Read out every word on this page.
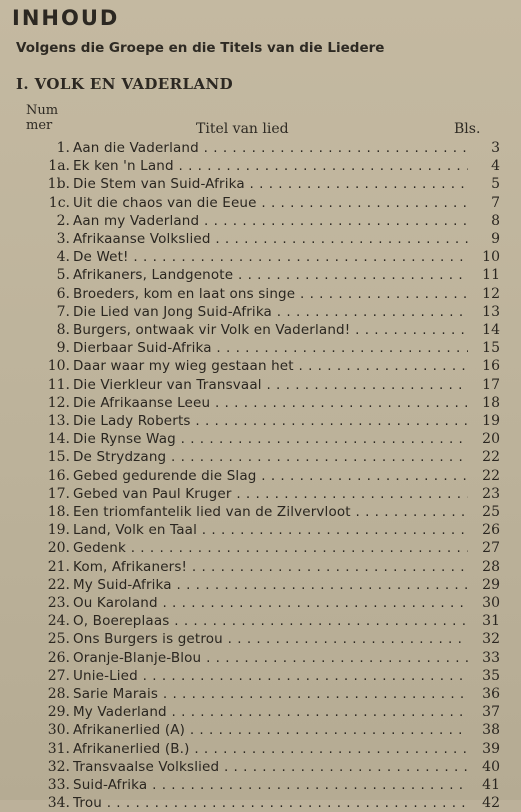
INHOUD
Volgens die Groepe en die Titels van die Liedere
I. VOLK EN VADERLAND
Num
mer	Titel van lied	Bls.
1. Aan die Vaderland . . .	3
1a. Ek ken 'n Land . . .	4
1b. Die Stem van Suid-Afrika . . .	5
1c. Uit die chaos van die Eeue . . .	7
2. Aan my Vaderland . . .	8
3. Afrikaanse Volkslied . . .	9
4. De Wet! . . .	10
5. Afrikaners, Landgenote . . .	11
6. Broeders, kom en laat ons singe . . .	12
7. Die Lied van Jong Suid-Afrika . . .	13
8. Burgers, ontwaak vir Volk en Vaderland! . . .	14
9. Dierbaar Suid-Afrika . . .	15
10. Daar waar my wieg gestaan het . . .	16
11. Die Vierkleur van Transvaal . . .	17
12. Die Afrikaanse Leeu . . .	18
13. Die Lady Roberts . . .	19
14. Die Rynse Wag . . .	20
15. De Strydzang . . .	22
16. Gebed gedurende die Slag . . .	22
17. Gebed van Paul Kruger . . .	23
18. Een triomfantelik lied van de Zilvervloot . . .	25
19. Land, Volk en Taal . . .	26
20. Gedenk . . .	27
21. Kom, Afrikaners! . . .	28
22. My Suid-Afrika . . .	29
23. Ou Karoland . . .	30
24. O, Boereplaas . . .	31
25. Ons Burgers is getrou . . .	32
26. Oranje-Blanje-Blou . . .	33
27. Unie-Lied . . .	35
28. Sarie Marais . . .	36
29. My Vaderland . . .	37
30. Afrikanerlied (A) . . .	38
31. Afrikanerlied (B.) . . .	39
32. Transvaalse Volkslied . . .	40
33. Suid-Afrika . . .	41
34. Trou . . .	42
